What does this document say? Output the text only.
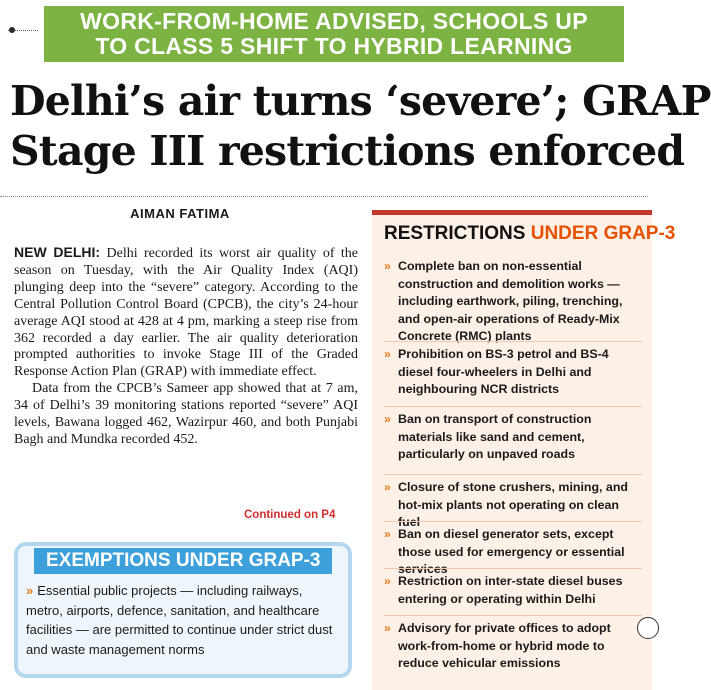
WORK-FROM-HOME ADVISED, SCHOOLS UP
TO CLASS 5 SHIFT TO HYBRID LEARNING
Delhi’s air turns ‘severe’; GRAP
Stage III restrictions enforced
AIMAN FATIMA

NEW DELHI: Delhi recorded its worst air quality of the season on Tuesday, with the Air Quality Index (AQI) plunging deep into the “severe” category. According to the Central Pollution Control Board (CPCB), the city’s 24-hour average AQI stood at 428 at 4 pm, marking a steep rise from 362 recorded a day earlier. The air quality deterioration prompted authorities to invoke Stage III of the Graded Response Action Plan (GRAP) with immediate effect.

Data from the CPCB’s Sameer app showed that at 7 am, 34 of Delhi’s 39 monitoring stations reported “severe” AQI levels, Bawana logged 462, Wazirpur 460, and both Punjabi Bagh and Mundka recorded 452.

Continued on P4
EXEMPTIONS UNDER GRAP-3
» Essential public projects — including railways, metro, airports, defence, sanitation, and healthcare facilities — are permitted to continue under strict dust and waste management norms
RESTRICTIONS UNDER GRAP-3
» Complete ban on non-essential construction and demolition works — including earthwork, piling, trenching, and open-air operations of Ready-Mix Concrete (RMC) plants
» Prohibition on BS-3 petrol and BS-4 diesel four-wheelers in Delhi and neighbouring NCR districts
» Ban on transport of construction materials like sand and cement, particularly on unpaved roads
» Closure of stone crushers, mining, and hot-mix plants not operating on clean fuel
» Ban on diesel generator sets, except those used for emergency or essential services
» Restriction on inter-state diesel buses entering or operating within Delhi
» Advisory for private offices to adopt work-from-home or hybrid mode to reduce vehicular emissions
